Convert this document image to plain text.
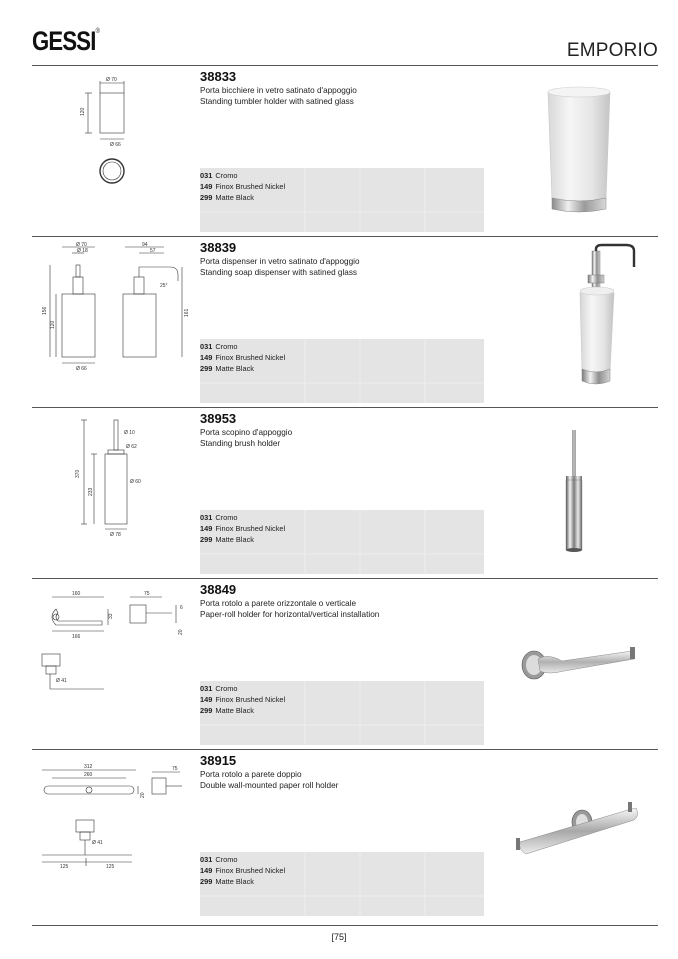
GESSI®
EMPORIO
Ø 70
120
Ø 66
38833
Porta bicchiere in vetro satinato d'appoggio
Standing tumbler holder with satined glass
031 Cromo
149 Finox Brushed Nickel
299 Matte Black
Ø 70
Ø 18
156
120
Ø 66
94
57
25°
161
38839
Porta dispenser in vetro satinato d'appoggio
Standing soap dispenser with satined glass
031 Cromo
149 Finox Brushed Nickel
299 Matte Black
Ø 10
Ø 62
Ø 60
370
233
Ø 78
38953
Porta scopino d'appoggio
Standing brush holder
031 Cromo
149 Finox Brushed Nickel
299 Matte Black
160
166
33
75
6
20
Ø 41
38849
Porta rotolo a parete orizzontale o verticale
Paper-roll holder for horizontal/vertical installation
031 Cromo
149 Finox Brushed Nickel
299 Matte Black
312
260
20
75
Ø 41
125	125
38915
Porta rotolo a parete doppio
Double wall-mounted paper roll holder
031 Cromo
149 Finox Brushed Nickel
299 Matte Black
[75]
